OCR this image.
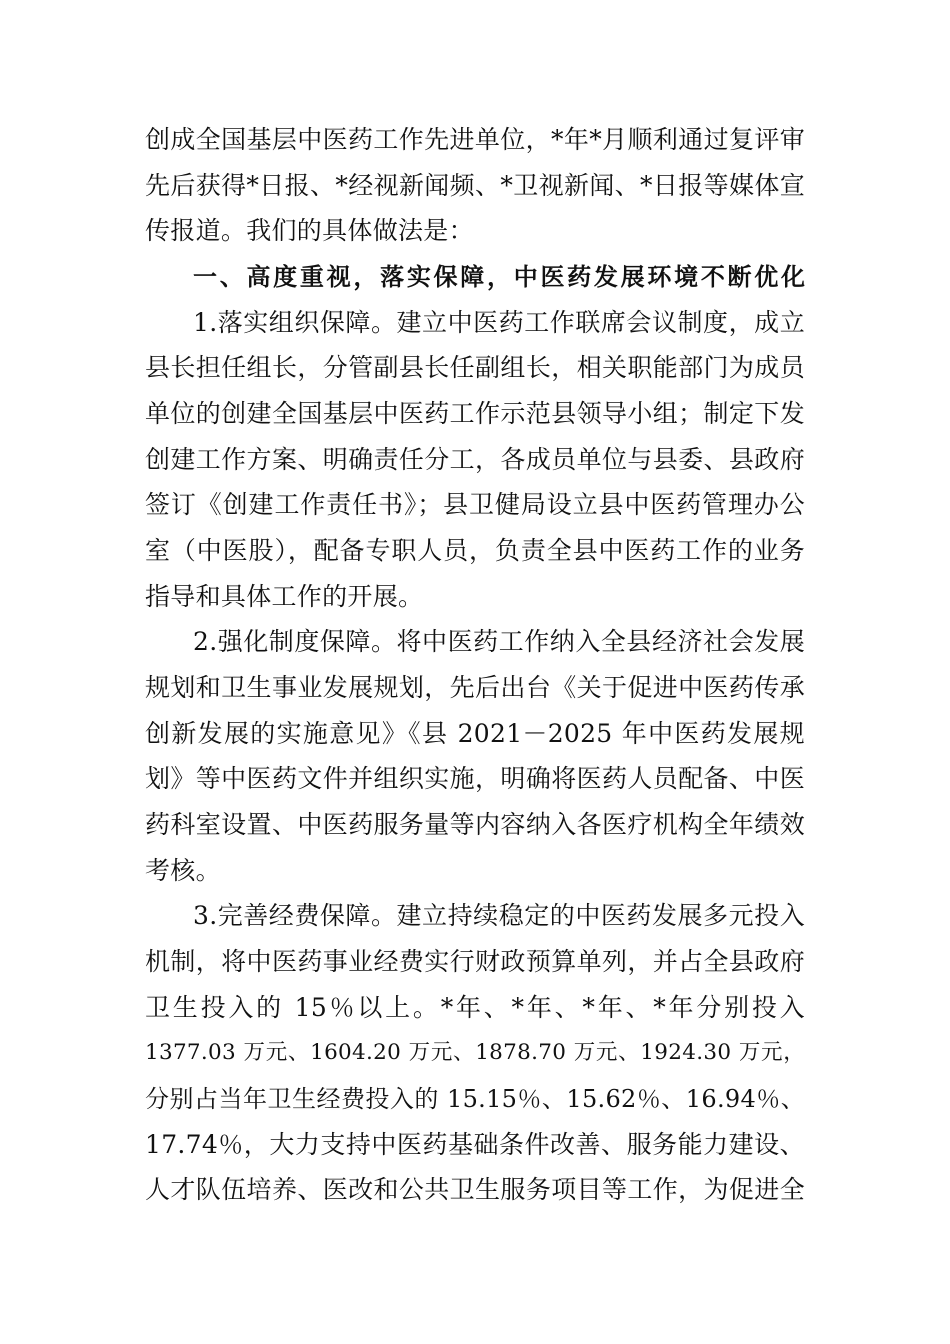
创成全国基层中医药工作先进单位，*年*月顺利通过复评审
先后获得*日报、*经视新闻频、*卫视新闻、*日报等媒体宣
传报道。我们的具体做法是：
一、高度重视，落实保障，中医药发展环境不断优化
1.落实组织保障。建立中医药工作联席会议制度，成立
县长担任组长，分管副县长任副组长，相关职能部门为成员
单位的创建全国基层中医药工作示范县领导小组；制定下发
创建工作方案、明确责任分工，各成员单位与县委、县政府
签订《创建工作责任书》；县卫健局设立县中医药管理办公
室（中医股），配备专职人员，负责全县中医药工作的业务
指导和具体工作的开展。
2.强化制度保障。将中医药工作纳入全县经济社会发展
规划和卫生事业发展规划，先后出台《关于促进中医药传承
创新发展的实施意见》《县 2021－2025 年中医药发展规
划》等中医药文件并组织实施，明确将医药人员配备、中医
药科室设置、中医药服务量等内容纳入各医疗机构全年绩效
考核。
3.完善经费保障。建立持续稳定的中医药发展多元投入
机制，将中医药事业经费实行财政预算单列，并占全县政府
卫生投入的 15％以上。*年、*年、*年、*年分别投入
1377.03 万元、1604.20 万元、1878.70 万元、1924.30 万元，
分别占当年卫生经费投入的 15.15％、15.62％、16.94％、
17.74％，大力支持中医药基础条件改善、服务能力建设、
人才队伍培养、医改和公共卫生服务项目等工作，为促进全
